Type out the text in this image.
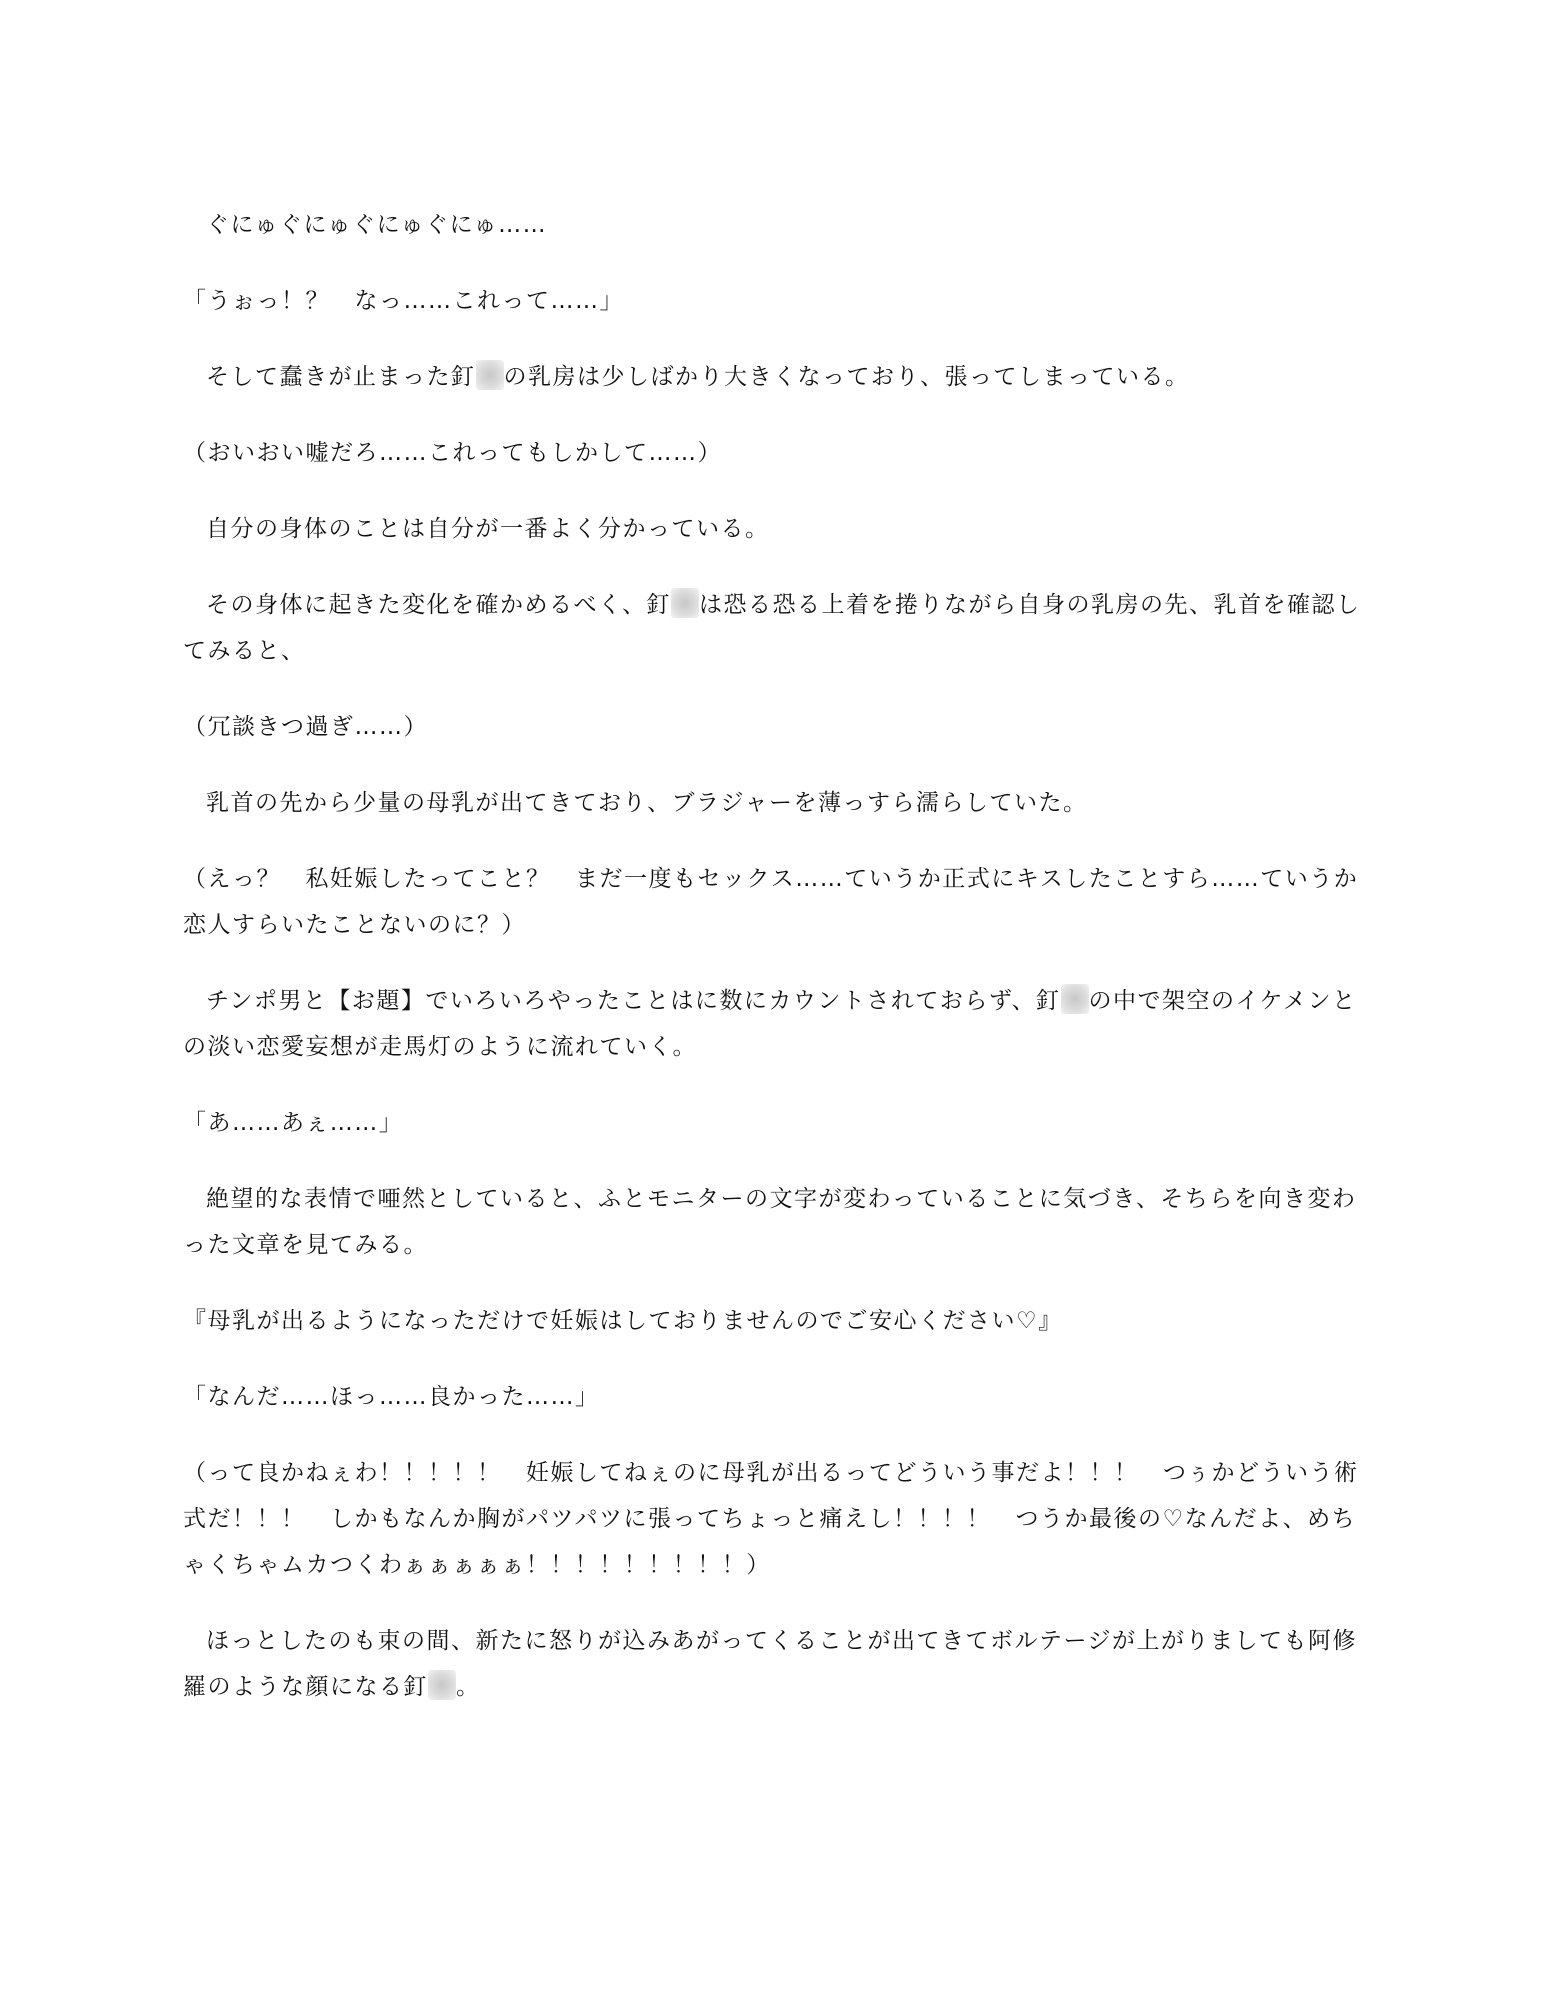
ぐにゅぐにゅぐにゅぐにゅ……
「うぉっ！？　なっ……これって……」
そして蠢きが止まった釘 の乳房は少しばかり大きくなっており、張ってしまっている。
（おいおい嘘だろ……これってもしかして……）
自分の身体のことは自分が一番よく分かっている。
その身体に起きた変化を確かめるべく、釘 は恐る恐る上着を捲りながら自身の乳房の先、乳首を確認してみると、
（冗談きつ過ぎ……）
乳首の先から少量の母乳が出てきており、ブラジャーを薄っすら濡らしていた。
（えっ？　私妊娠したってこと？　まだ一度もセックス……ていうか正式にキスしたことすら……ていうか恋人すらいたことないのに？）
チンポ男と【お題】でいろいろやったことはに数にカウントされておらず、釘 の中で架空のイケメンとの淡い恋愛妄想が走馬灯のように流れていく。
「あ……あぇ……」
絶望的な表情で唖然としていると、ふとモニターの文字が変わっていることに気づき、そちらを向き変わった文章を見てみる。
『母乳が出るようになっただけで妊娠はしておりませんのでご安心ください♡』
「なんだ……ほっ……良かった……」
（って良かねぇわ！！！！！　妊娠してねぇのに母乳が出るってどういう事だよ！！！　つぅかどういう術式だ！！！　しかもなんか胸がパツパツに張ってちょっと痛えし！！！！　つうか最後の♡なんだよ、めちゃくちゃムカつくわぁぁぁぁぁ！！！！！！！！！）
ほっとしたのも束の間、新たに怒りが込みあがってくることが出てきてボルテージが上がりましても阿修羅のような顔になる釘 。
